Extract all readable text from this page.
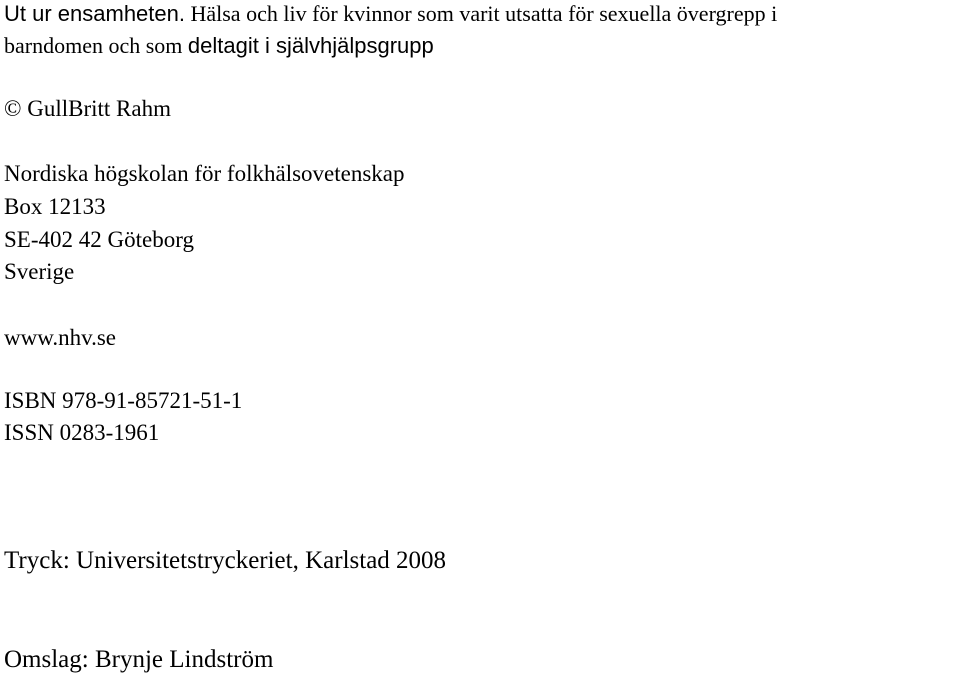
Ut ur ensamheten. Hälsa och liv för kvinnor som varit utsatta för sexuella övergrepp i
barndomen och som deltagit i självhjälpsgrupp
© GullBritt Rahm
Nordiska högskolan för folkhälsovetenskap
Box 12133
SE-402 42 Göteborg
Sverige
www.nhv.se
ISBN 978-91-85721-51-1
ISSN 0283-1961
Tryck: Universitetstryckeriet, Karlstad 2008
Omslag: Brynje Lindström
